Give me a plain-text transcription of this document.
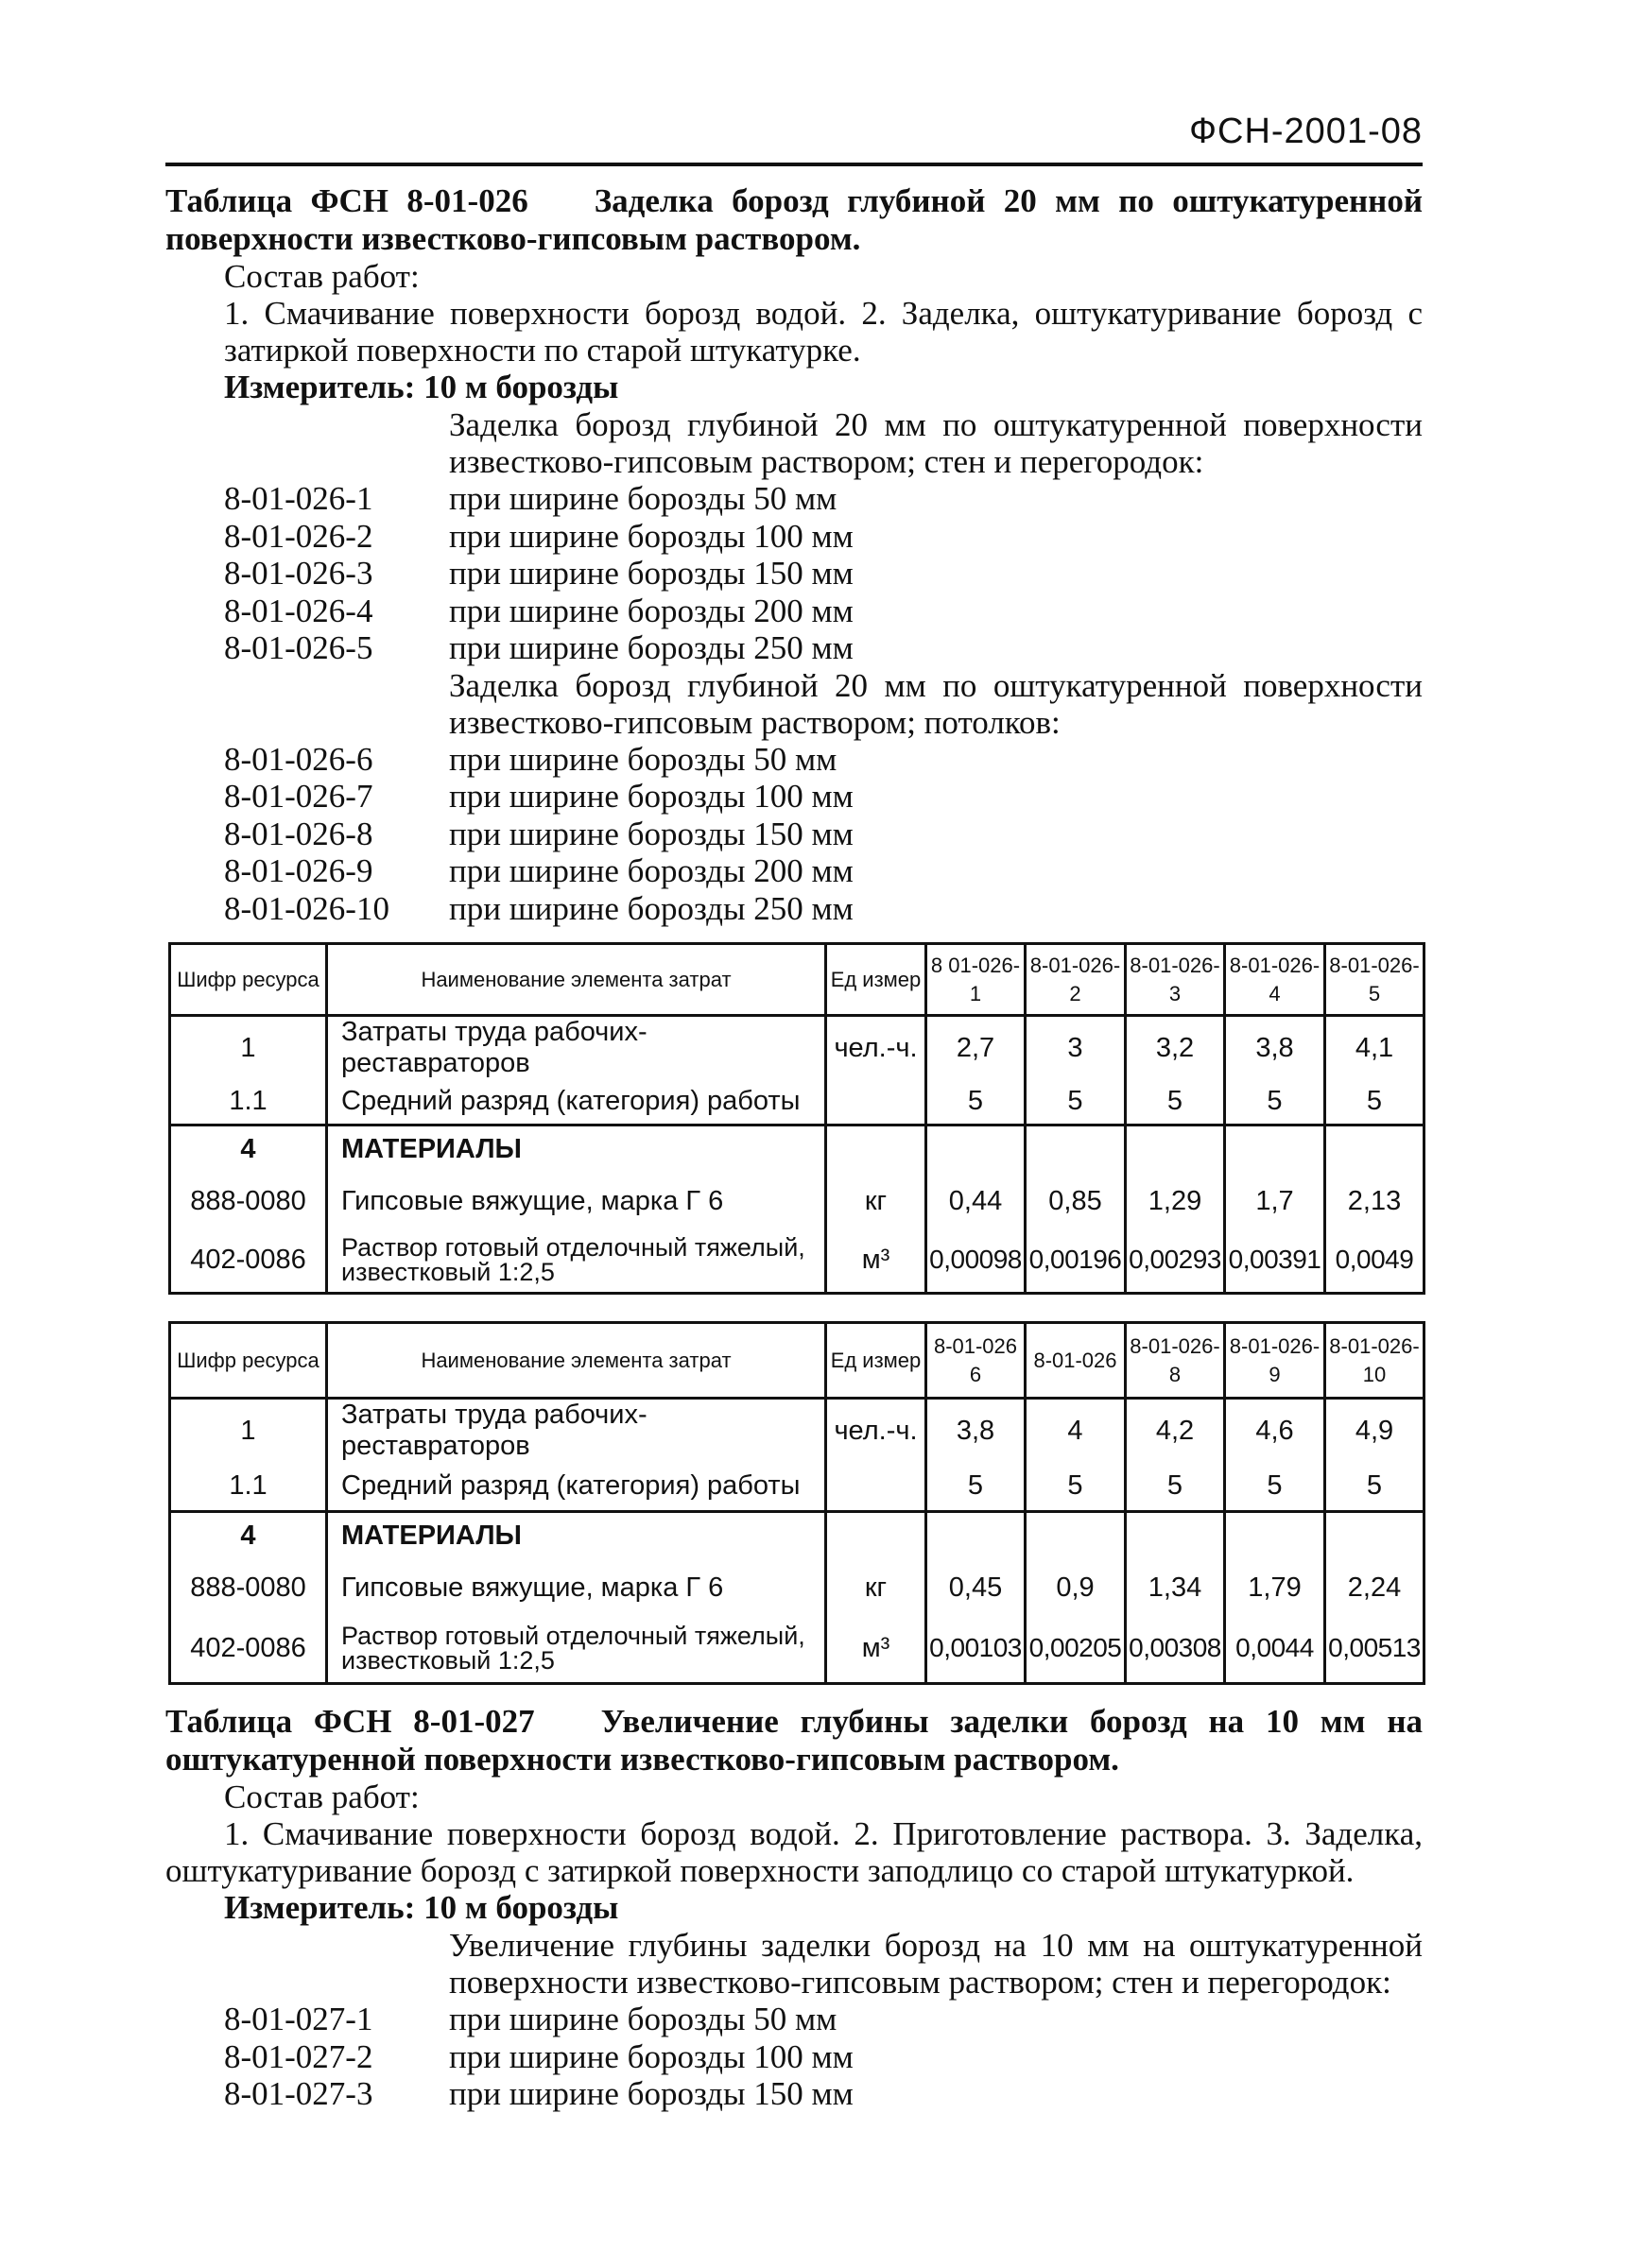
ФСН-2001-08
Таблица ФСН 8-01-026 Заделка борозд глубиной 20 мм по оштукатуренной поверхности известково-гипсовым раствором.
Состав работ:
1. Смачивание поверхности борозд водой. 2. Заделка, оштукатуривание борозд с затиркой поверхности по старой штукатурке.
Измеритель: 10 м борозды
Заделка борозд глубиной 20 мм по оштукатуренной поверхности известково-гипсовым раствором; стен и перегородок:
8-01-026-1	при ширине борозды 50 мм
8-01-026-2	при ширине борозды 100 мм
8-01-026-3	при ширине борозды 150 мм
8-01-026-4	при ширине борозды 200 мм
8-01-026-5	при ширине борозды 250 мм
Заделка борозд глубиной 20 мм по оштукатуренной поверхности известково-гипсовым раствором; потолков:
8-01-026-6	при ширине борозды 50 мм
8-01-026-7	при ширине борозды 100 мм
8-01-026-8	при ширине борозды 150 мм
8-01-026-9	при ширине борозды 200 мм
8-01-026-10	при ширине борозды 250 мм
Шифр ресурса	Наименование элемента затрат	Ед измер	8 01-026-1	8-01-026-2	8-01-026-3	8-01-026-4	8-01-026-5
1	Затраты труда рабочих-реставраторов	чел.-ч.	2,7	3	3,2	3,8	4,1
1.1	Средний разряд (категория) работы		5	5	5	5	5
4	МАТЕРИАЛЫ						
888-0080	Гипсовые вяжущие, марка Г 6	кг	0,44	0,85	1,29	1,7	2,13
402-0086	Раствор готовый отделочный тяжелый, известковый 1:2,5	м³	0,00098	0,00196	0,00293	0,00391	0,0049
Шифр ресурса	Наименование элемента затрат	Ед измер	8-01-026 6	8-01-026	8-01-026-8	8-01-026-9	8-01-026-10
1	Затраты труда рабочих-реставраторов	чел.-ч.	3,8	4	4,2	4,6	4,9
1.1	Средний разряд (категория) работы		5	5	5	5	5
4	МАТЕРИАЛЫ						
888-0080	Гипсовые вяжущие, марка Г 6	кг	0,45	0,9	1,34	1,79	2,24
402-0086	Раствор готовый отделочный тяжелый, известковый 1:2,5	м³	0,00103	0,00205	0,00308	0,0044	0,00513
Таблица ФСН 8-01-027 Увеличение глубины заделки борозд на 10 мм на оштукатуренной поверхности известково-гипсовым раствором.
Состав работ:
1. Смачивание поверхности борозд водой. 2. Приготовление раствора. 3. Заделка, оштукатуривание борозд с затиркой поверхности заподлицо со старой штукатуркой.
Измеритель: 10 м борозды
Увеличение глубины заделки борозд на 10 мм на оштукатуренной поверхности известково-гипсовым раствором; стен и перегородок:
8-01-027-1	при ширине борозды 50 мм
8-01-027-2	при ширине борозды 100 мм
8-01-027-3	при ширине борозды 150 мм
